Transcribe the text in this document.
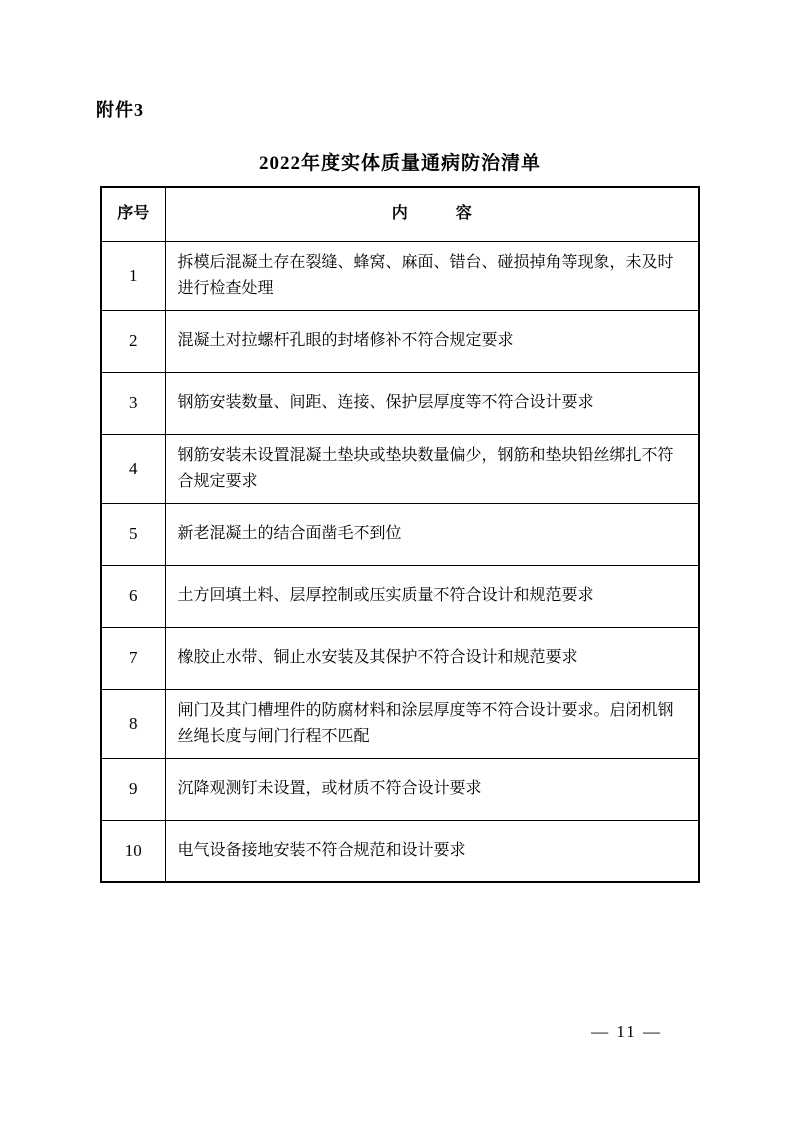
附件3
2022年度实体质量通病防治清单
序号	内　　　容
1	拆模后混凝土存在裂缝、蜂窝、麻面、错台、碰损掉角等现象，未及时进行检查处理
2	混凝土对拉螺杆孔眼的封堵修补不符合规定要求
3	钢筋安装数量、间距、连接、保护层厚度等不符合设计要求
4	钢筋安装未设置混凝土垫块或垫块数量偏少，钢筋和垫块铅丝绑扎不符合规定要求
5	新老混凝土的结合面凿毛不到位
6	土方回填土料、层厚控制或压实质量不符合设计和规范要求
7	橡胶止水带、铜止水安装及其保护不符合设计和规范要求
8	闸门及其门槽埋件的防腐材料和涂层厚度等不符合设计要求。启闭机钢丝绳长度与闸门行程不匹配
9	沉降观测钉未设置，或材质不符合设计要求
10	电气设备接地安装不符合规范和设计要求
— 11 —
